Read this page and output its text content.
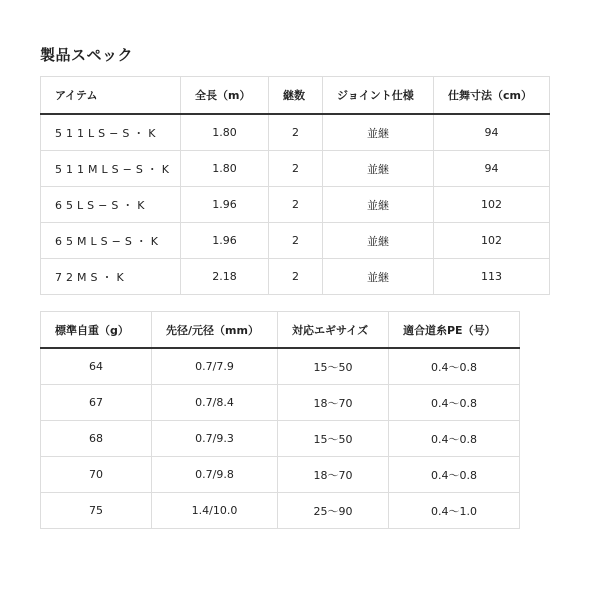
製品スペック
アイテム	全長（m）	継数	ジョイント仕様	仕舞寸法（cm）
511LS−S・K	1.80	2	並継	94
511MLS−S・K	1.80	2	並継	94
65LS−S・K	1.96	2	並継	102
65MLS−S・K	1.96	2	並継	102
72MS・K	2.18	2	並継	113
標準自重（g）	先径/元径（mm）	対応エギサイズ	適合道糸PE（号）
64	0.7/7.9	15〜50	0.4〜0.8
67	0.7/8.4	18〜70	0.4〜0.8
68	0.7/9.3	15〜50	0.4〜0.8
70	0.7/9.8	18〜70	0.4〜0.8
75	1.4/10.0	25〜90	0.4〜1.0
